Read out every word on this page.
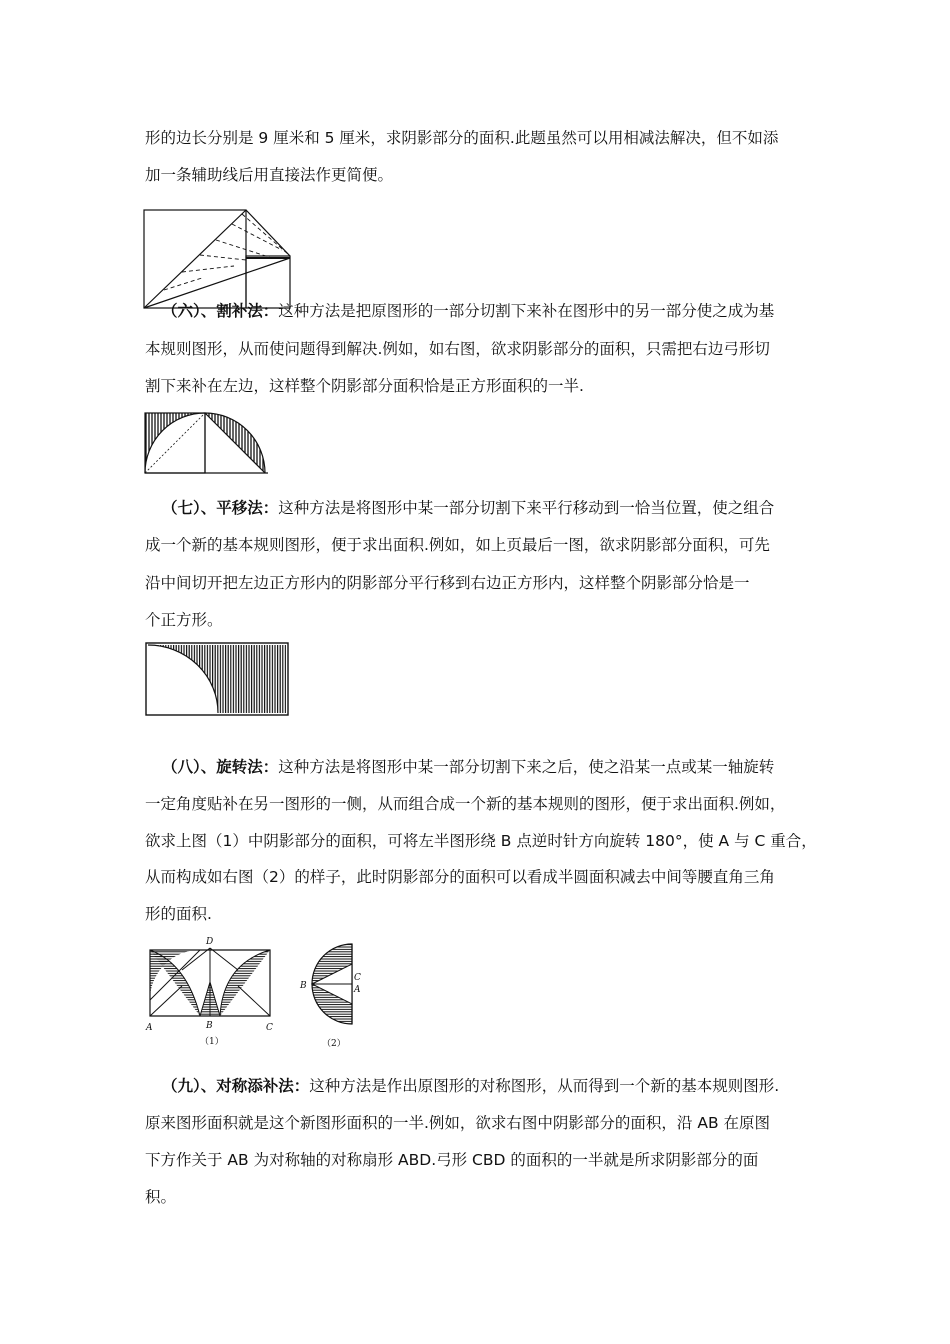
形的边长分别是 9 厘米和 5 厘米，求阴影部分的面积.此题虽然可以用相减法解决，但不如添

加一条辅助线后用直接法作更简便。

（六）、割补法：这种方法是把原图形的一部分切割下来补在图形中的另一部分使之成为基

本规则图形，从而使问题得到解决.例如，如右图，欲求阴影部分的面积，只需把右边弓形切

割下来补在左边，这样整个阴影部分面积恰是正方形面积的一半.

（七）、平移法：这种方法是将图形中某一部分切割下来平行移动到一恰当位置，使之组合

成一个新的基本规则图形，便于求出面积.例如，如上页最后一图，欲求阴影部分面积，可先

沿中间切开把左边正方形内的阴影部分平行移到右边正方形内，这样整个阴影部分恰是一

个正方形。

（八）、旋转法：这种方法是将图形中某一部分切割下来之后，使之沿某一点或某一轴旋转

一定角度贴补在另一图形的一侧，从而组合成一个新的基本规则的图形，便于求出面积.例如，

欲求上图（1）中阴影部分的面积，可将左半图形绕 B 点逆时针方向旋转 180°，使 A 与 C 重合，

从而构成如右图（2）的样子，此时阴影部分的面积可以看成半圆面积减去中间等腰直角三角

形的面积.

D
A	B	C
（1）
B
C
A
（2）

（九）、对称添补法：这种方法是作出原图形的对称图形，从而得到一个新的基本规则图形.

原来图形面积就是这个新图形面积的一半.例如，欲求右图中阴影部分的面积，沿 AB 在原图

下方作关于 AB 为对称轴的对称扇形 ABD.弓形 CBD 的面积的一半就是所求阴影部分的面

积。
